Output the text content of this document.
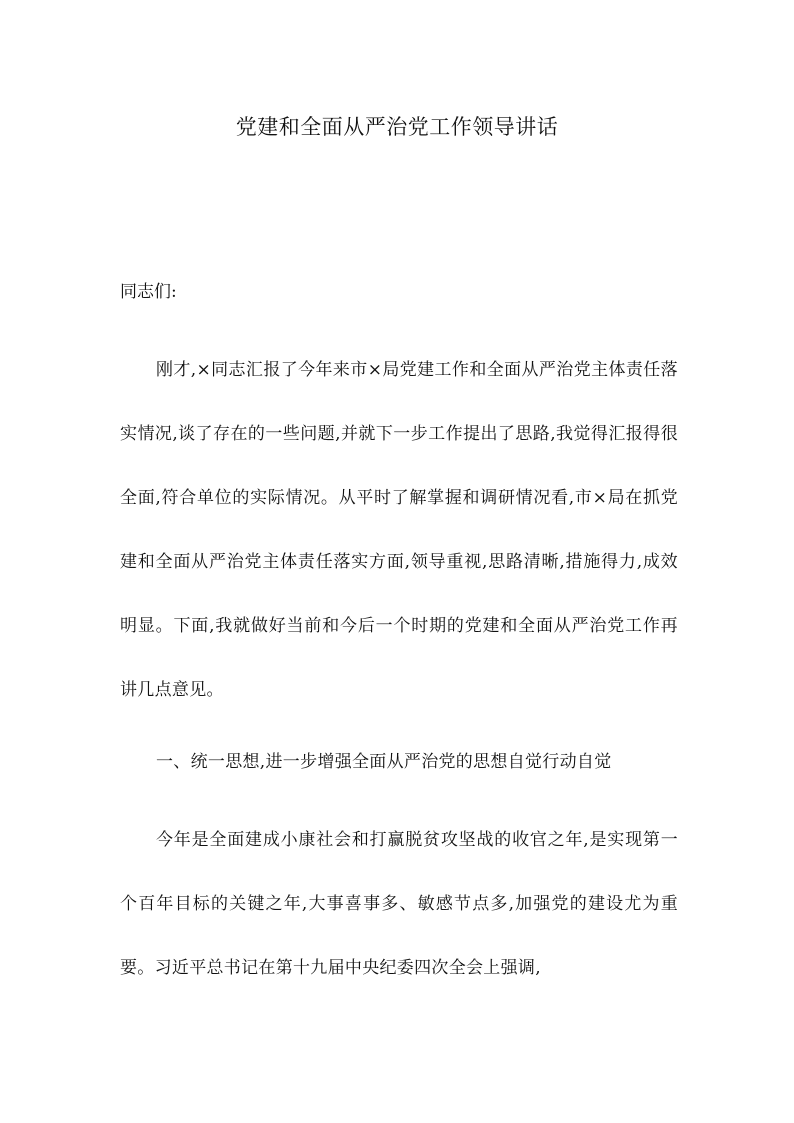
党建和全面从严治党工作领导讲话

同志们:

刚才,×同志汇报了今年来市×局党建工作和全面从严治党主体责任落实情况,谈了存在的一些问题,并就下一步工作提出了思路,我觉得汇报得很全面,符合单位的实际情况。从平时了解掌握和调研情况看,市×局在抓党建和全面从严治党主体责任落实方面,领导重视,思路清晰,措施得力,成效明显。下面,我就做好当前和今后一个时期的党建和全面从严治党工作再讲几点意见。

一、统一思想,进一步增强全面从严治党的思想自觉行动自觉

今年是全面建成小康社会和打赢脱贫攻坚战的收官之年,是实现第一个百年目标的关键之年,大事喜事多、敏感节点多,加强党的建设尤为重要。习近平总书记在第十九届中央纪委四次全会上强调,
